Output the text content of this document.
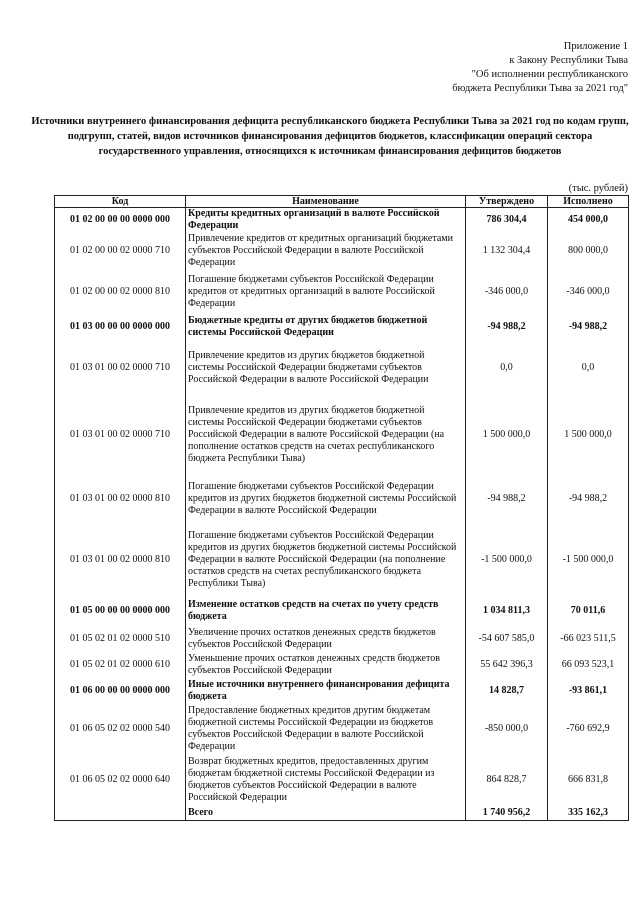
Приложение 1
к Закону Республики Тыва
"Об исполнении республиканского
бюджета Республики Тыва за 2021 год"
Источники внутреннего финансирования дефицита республиканского бюджета Республики Тыва за 2021 год по кодам групп, подгрупп, статей, видов источников финансирования дефицитов бюджетов, классификации операций сектора государственного управления, относящихся к источникам финансирования дефицитов бюджетов
(тыс. рублей)
Код	Наименование	Утверждено	Исполнено
01 02 00 00 00 0000 000	Кредиты кредитных организаций в валюте Российской Федерации	786 304,4	454 000,0
01 02 00 00 02 0000 710	Привлечение кредитов от кредитных организаций бюджетами субъектов Российской Федерации в валюте Российской Федерации	1 132 304,4	800 000,0
01 02 00 00 02 0000 810	Погашение бюджетами субъектов Российской Федерации кредитов от кредитных организаций в валюте Российской Федерации	-346 000,0	-346 000,0
01 03 00 00 00 0000 000	Бюджетные кредиты от других бюджетов бюджетной системы Российской Федерации	-94 988,2	-94 988,2
01 03 01 00 02 0000 710	Привлечение кредитов из других бюджетов бюджетной системы Российской Федерации бюджетами субъектов Российской Федерации в валюте Российской Федерации	0,0	0,0
01 03 01 00 02 0000 710	Привлечение кредитов из других бюджетов бюджетной системы Российской Федерации бюджетами субъектов Российской Федерации в валюте Российской Федерации (на пополнение остатков средств на счетах республиканского бюджета Республики Тыва)	1 500 000,0	1 500 000,0
01 03 01 00 02 0000 810	Погашение бюджетами субъектов Российской Федерации кредитов из других бюджетов бюджетной системы Российской Федерации в валюте Российской Федерации	-94 988,2	-94 988,2
01 03 01 00 02 0000 810	Погашение бюджетами субъектов Российской Федерации кредитов из других бюджетов бюджетной системы Российской Федерации в валюте Российской Федерации (на пополнение остатков средств на счетах республиканского бюджета Республики Тыва)	-1 500 000,0	-1 500 000,0
01 05 00 00 00 0000 000	Изменение остатков средств на счетах по учету средств бюджета	1 034 811,3	70 011,6
01 05 02 01 02 0000 510	Увеличение прочих остатков денежных средств бюджетов субъектов Российской Федерации	-54 607 585,0	-66 023 511,5
01 05 02 01 02 0000 610	Уменьшение прочих остатков денежных средств бюджетов субъектов Российской Федерации	55 642 396,3	66 093 523,1
01 06 00 00 00 0000 000	Иные источники внутреннего финансирования дефицита бюджета	14 828,7	-93 861,1
01 06 05 02 02 0000 540	Предоставление бюджетных кредитов другим бюджетам бюджетной системы Российской Федерации из бюджетов субъектов Российской Федерации в валюте Российской Федерации	-850 000,0	-760 692,9
01 06 05 02 02 0000 640	Возврат бюджетных кредитов, предоставленных другим бюджетам бюджетной системы Российской Федерации из бюджетов субъектов Российской Федерации в валюте Российской Федерации	864 828,7	666 831,8
	Всего	1 740 956,2	335 162,3
